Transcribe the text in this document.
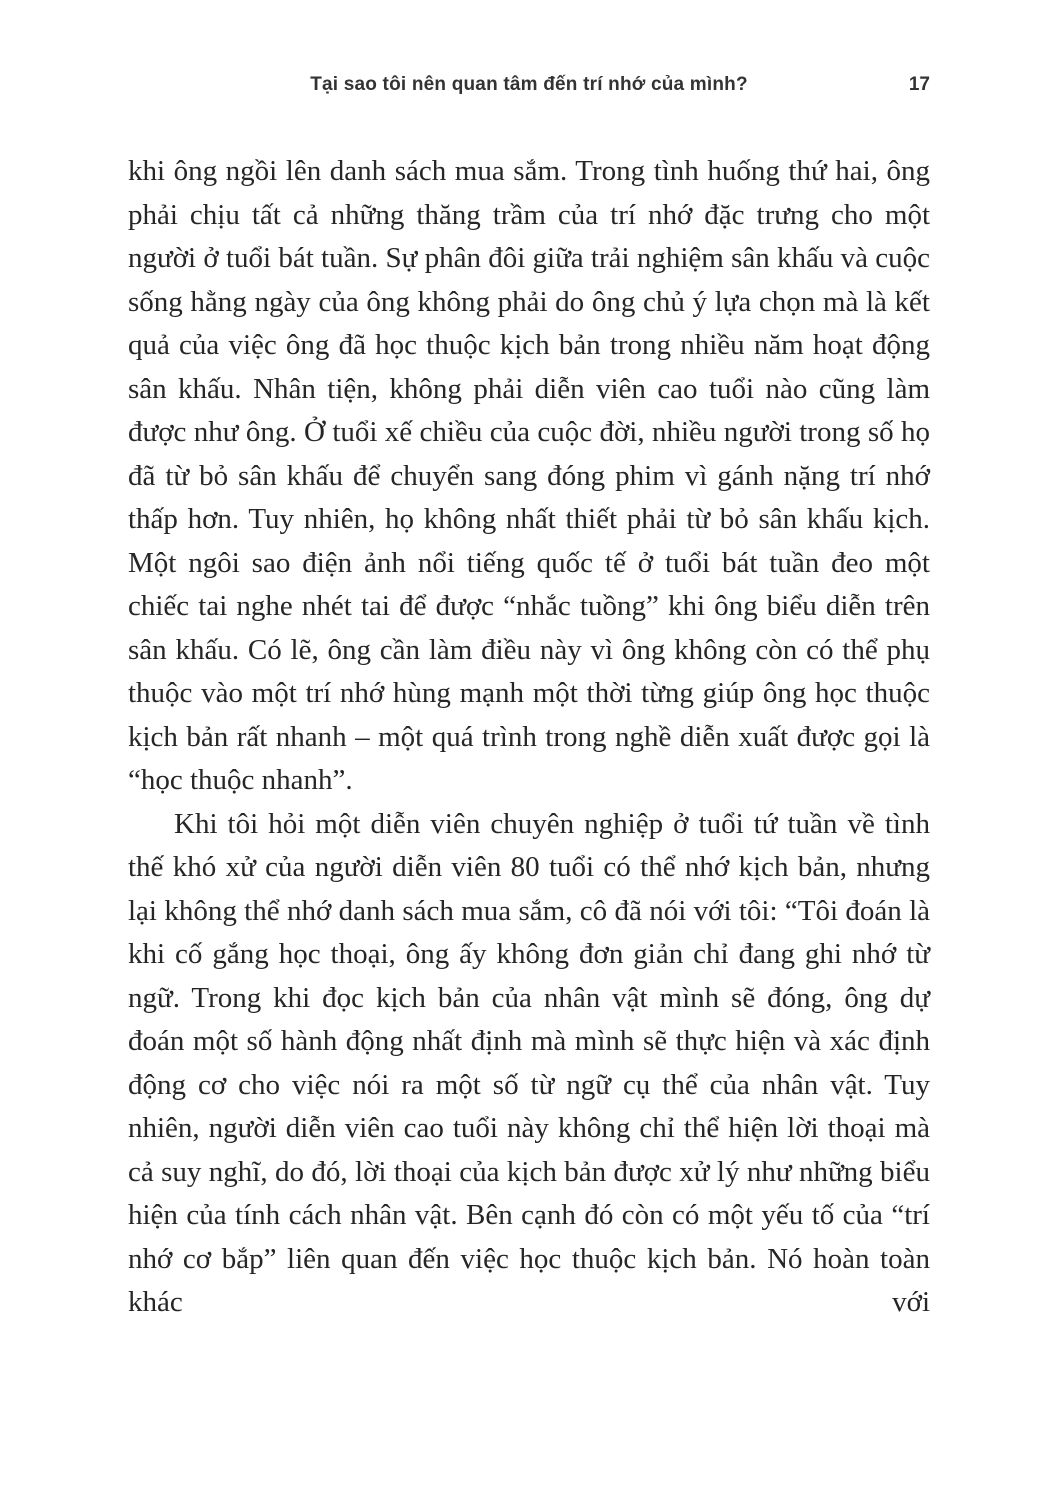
Tại sao tôi nên quan tâm đến trí nhớ của mình?	17

khi ông ngồi lên danh sách mua sắm. Trong tình huống thứ hai, ông phải chịu tất cả những thăng trầm của trí nhớ đặc trưng cho một người ở tuổi bát tuần. Sự phân đôi giữa trải nghiệm sân khấu và cuộc sống hằng ngày của ông không phải do ông chủ ý lựa chọn mà là kết quả của việc ông đã học thuộc kịch bản trong nhiều năm hoạt động sân khấu. Nhân tiện, không phải diễn viên cao tuổi nào cũng làm được như ông. Ở tuổi xế chiều của cuộc đời, nhiều người trong số họ đã từ bỏ sân khấu để chuyển sang đóng phim vì gánh nặng trí nhớ thấp hơn. Tuy nhiên, họ không nhất thiết phải từ bỏ sân khấu kịch. Một ngôi sao điện ảnh nổi tiếng quốc tế ở tuổi bát tuần đeo một chiếc tai nghe nhét tai để được “nhắc tuồng” khi ông biểu diễn trên sân khấu. Có lẽ, ông cần làm điều này vì ông không còn có thể phụ thuộc vào một trí nhớ hùng mạnh một thời từng giúp ông học thuộc kịch bản rất nhanh – một quá trình trong nghề diễn xuất được gọi là “học thuộc nhanh”.

Khi tôi hỏi một diễn viên chuyên nghiệp ở tuổi tứ tuần về tình thế khó xử của người diễn viên 80 tuổi có thể nhớ kịch bản, nhưng lại không thể nhớ danh sách mua sắm, cô đã nói với tôi: “Tôi đoán là khi cố gắng học thoại, ông ấy không đơn giản chỉ đang ghi nhớ từ ngữ. Trong khi đọc kịch bản của nhân vật mình sẽ đóng, ông dự đoán một số hành động nhất định mà mình sẽ thực hiện và xác định động cơ cho việc nói ra một số từ ngữ cụ thể của nhân vật. Tuy nhiên, người diễn viên cao tuổi này không chỉ thể hiện lời thoại mà cả suy nghĩ, do đó, lời thoại của kịch bản được xử lý như những biểu hiện của tính cách nhân vật. Bên cạnh đó còn có một yếu tố của “trí nhớ cơ bắp” liên quan đến việc học thuộc kịch bản. Nó hoàn toàn khác với
